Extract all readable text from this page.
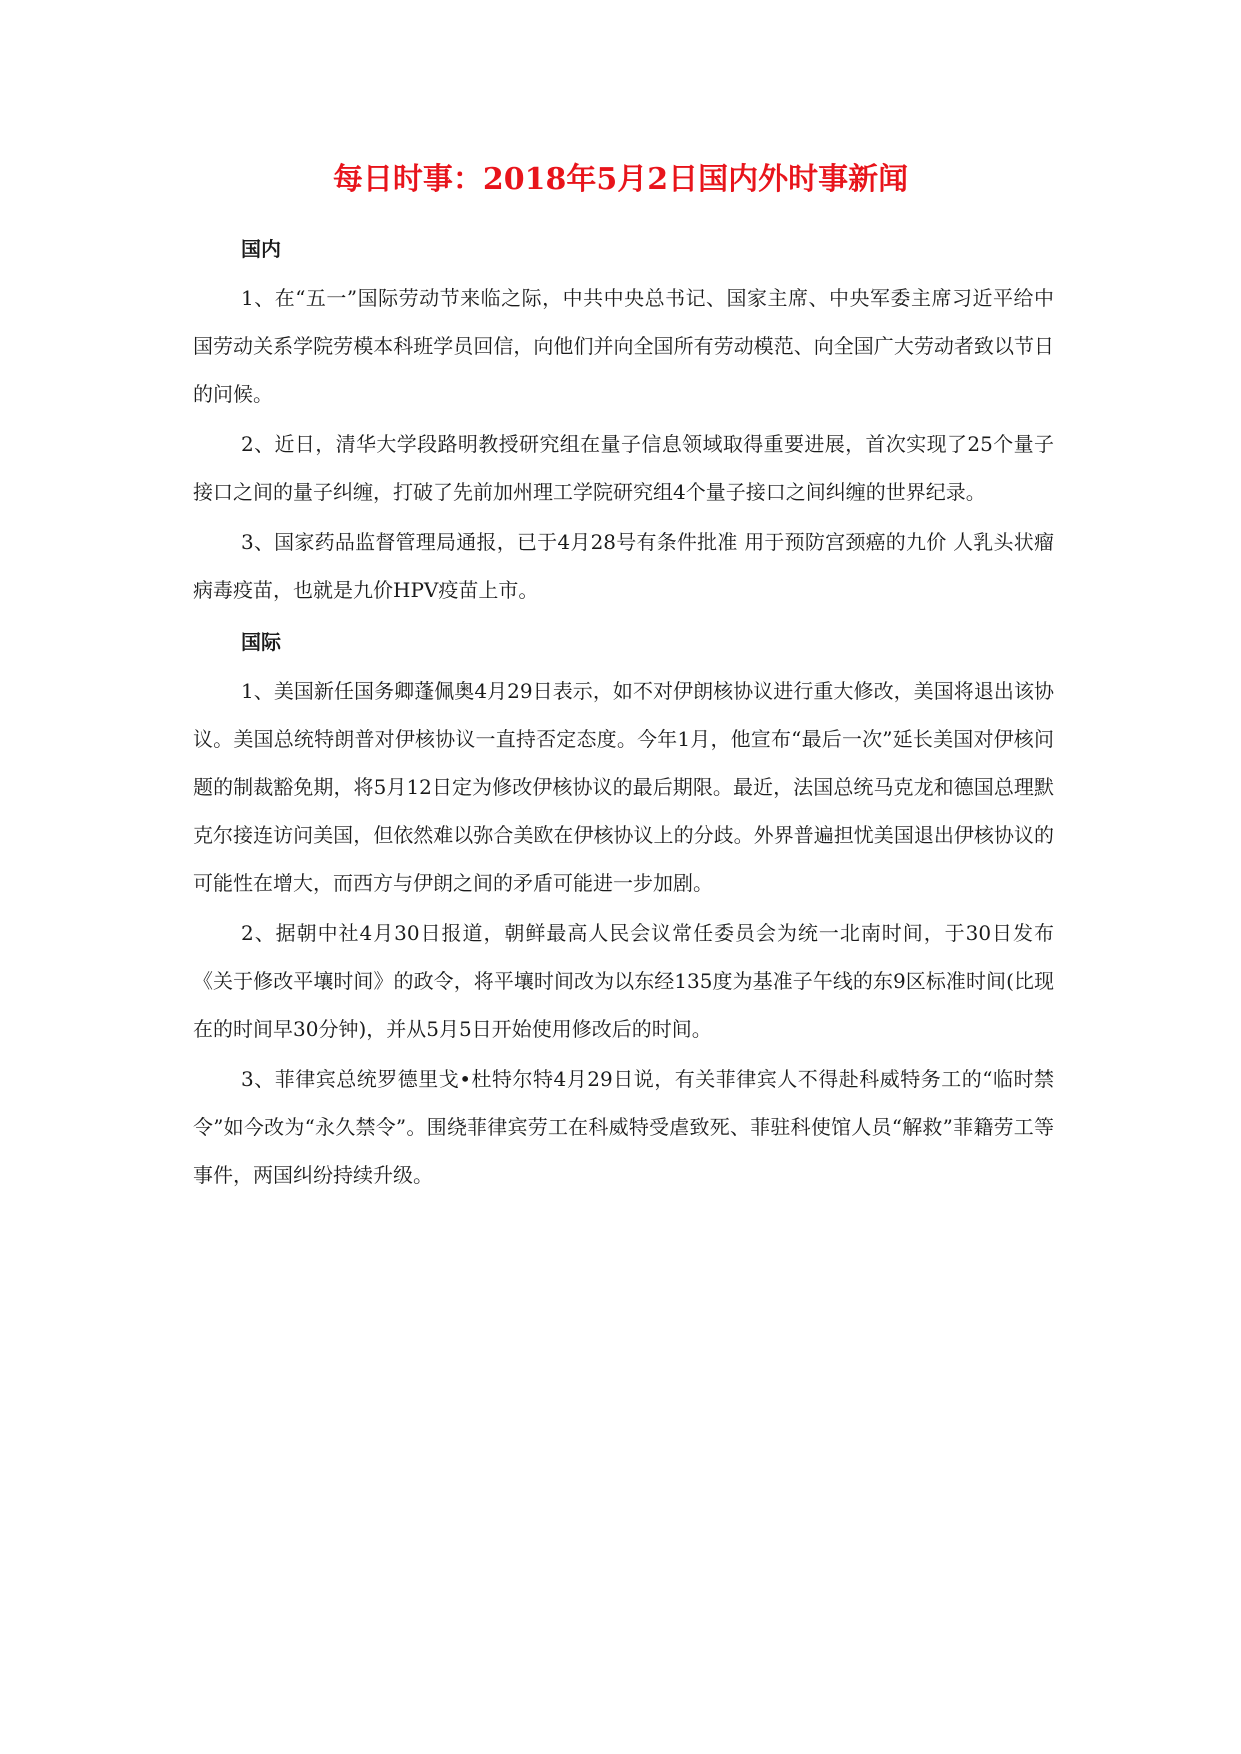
每日时事：2018年5月2日国内外时事新闻
国内

1、在“五一”国际劳动节来临之际，中共中央总书记、国家主席、中央军委主席习近平给中国劳动关系学院劳模本科班学员回信，向他们并向全国所有劳动模范、向全国广大劳动者致以节日的问候。

2、近日，清华大学段路明教授研究组在量子信息领域取得重要进展，首次实现了25个量子接口之间的量子纠缠，打破了先前加州理工学院研究组4个量子接口之间纠缠的世界纪录。

3、国家药品监督管理局通报，已于4月28号有条件批准 用于预防宫颈癌的九价 人乳头状瘤 病毒疫苗，也就是九价HPV疫苗上市。

国际

1、美国新任国务卿蓬佩奥4月29日表示，如不对伊朗核协议进行重大修改，美国将退出该协议。美国总统特朗普对伊核协议一直持否定态度。今年1月，他宣布“最后一次”延长美国对伊核问题的制裁豁免期，将5月12日定为修改伊核协议的最后期限。最近，法国总统马克龙和德国总理默克尔接连访问美国，但依然难以弥合美欧在伊核协议上的分歧。外界普遍担忧美国退出伊核协议的可能性在增大，而西方与伊朗之间的矛盾可能进一步加剧。

2、据朝中社4月30日报道，朝鲜最高人民会议常任委员会为统一北南时间，于30日发布《关于修改平壤时间》的政令，将平壤时间改为以东经135度为基准子午线的东9区标准时间(比现在的时间早30分钟)，并从5月5日开始使用修改后的时间。

3、菲律宾总统罗德里戈•杜特尔特4月29日说，有关菲律宾人不得赴科威特务工的“临时禁令”如今改为“永久禁令”。围绕菲律宾劳工在科威特受虐致死、菲驻科使馆人员“解救”菲籍劳工等事件，两国纠纷持续升级。
